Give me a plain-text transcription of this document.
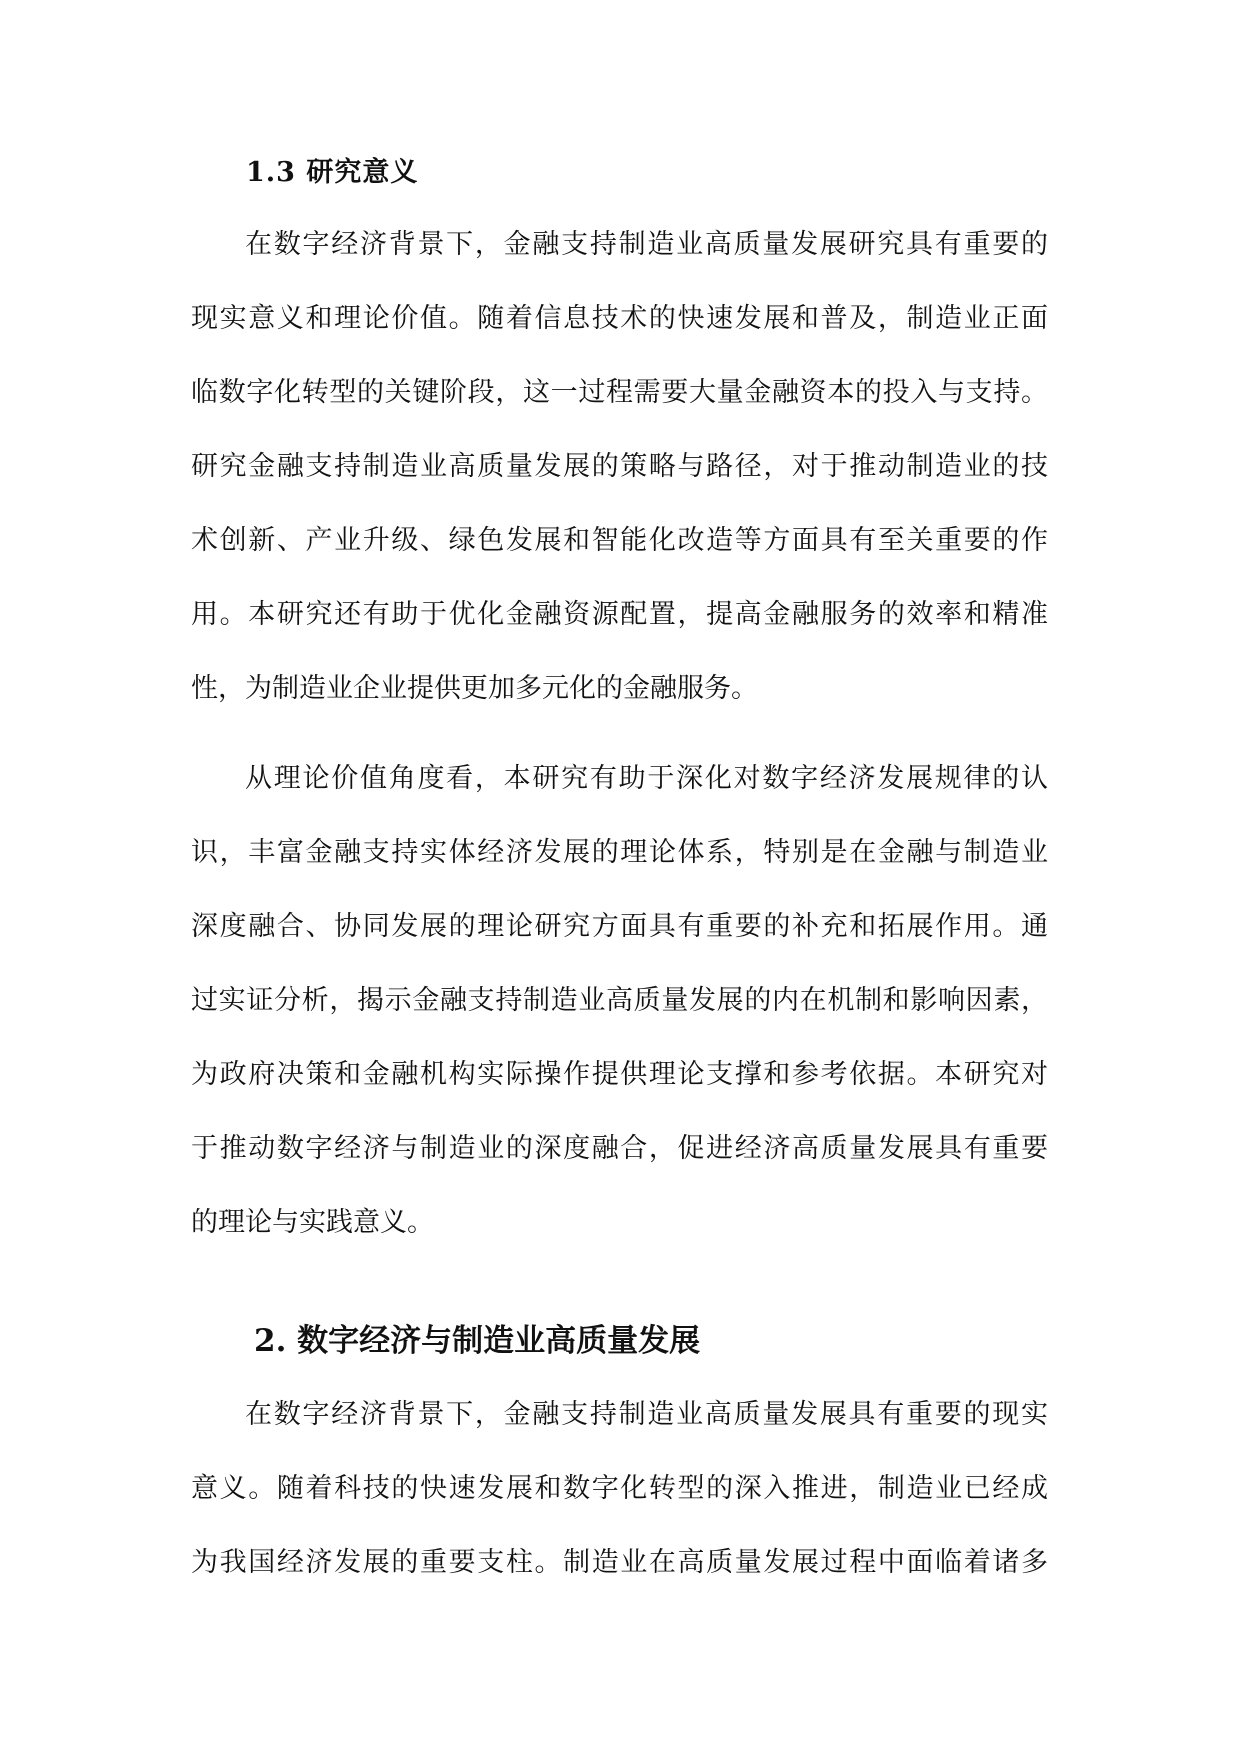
1.3 研究意义
在数字经济背景下，金融支持制造业高质量发展研究具有重要的
现实意义和理论价值。随着信息技术的快速发展和普及，制造业正面
临数字化转型的关键阶段，这一过程需要大量金融资本的投入与支持。
研究金融支持制造业高质量发展的策略与路径，对于推动制造业的技
术创新、产业升级、绿色发展和智能化改造等方面具有至关重要的作
用。本研究还有助于优化金融资源配置，提高金融服务的效率和精准
性，为制造业企业提供更加多元化的金融服务。
从理论价值角度看，本研究有助于深化对数字经济发展规律的认
识，丰富金融支持实体经济发展的理论体系，特别是在金融与制造业
深度融合、协同发展的理论研究方面具有重要的补充和拓展作用。通
过实证分析，揭示金融支持制造业高质量发展的内在机制和影响因素，
为政府决策和金融机构实际操作提供理论支撑和参考依据。本研究对
于推动数字经济与制造业的深度融合，促进经济高质量发展具有重要
的理论与实践意义。
2. 数字经济与制造业高质量发展
在数字经济背景下，金融支持制造业高质量发展具有重要的现实
意义。随着科技的快速发展和数字化转型的深入推进，制造业已经成
为我国经济发展的重要支柱。制造业在高质量发展过程中面临着诸多
